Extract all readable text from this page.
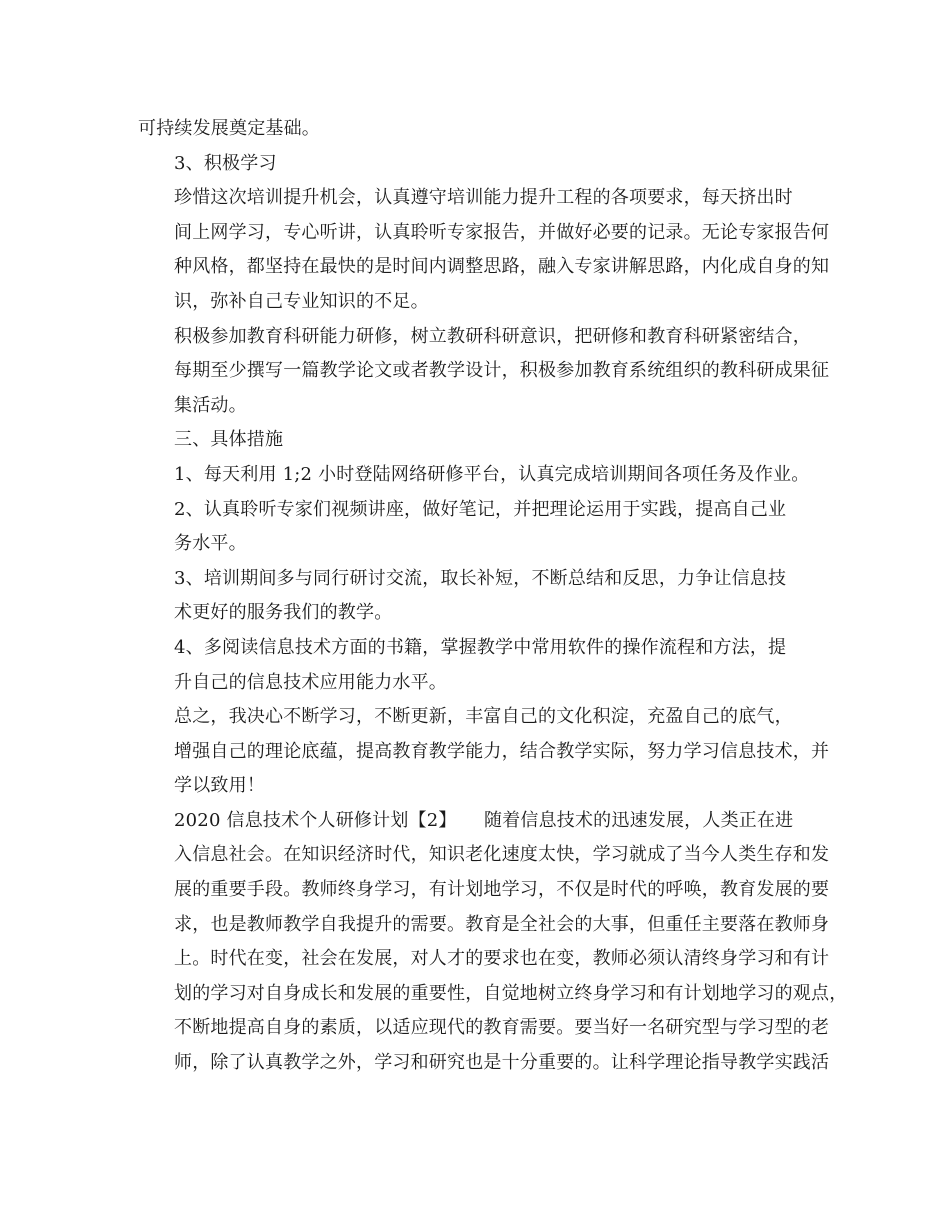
可持续发展奠定基础。

3、积极学习

珍惜这次培训提升机会，认真遵守培训能力提升工程的各项要求，每天挤出时
间上网学习，专心听讲，认真聆听专家报告，并做好必要的记录。无论专家报告何
种风格，都坚持在最快的是时间内调整思路，融入专家讲解思路，内化成自身的知
识，弥补自己专业知识的不足。

积极参加教育科研能力研修，树立教研科研意识，把研修和教育科研紧密结合，
每期至少撰写一篇教学论文或者教学设计，积极参加教育系统组织的教科研成果征
集活动。

三、具体措施

1、每天利用 1;2 小时登陆网络研修平台，认真完成培训期间各项任务及作业。

2、认真聆听专家们视频讲座，做好笔记，并把理论运用于实践，提高自己业
务水平。

3、培训期间多与同行研讨交流，取长补短，不断总结和反思，力争让信息技
术更好的服务我们的教学。

4、多阅读信息技术方面的书籍，掌握教学中常用软件的操作流程和方法，提
升自己的信息技术应用能力水平。

总之，我决心不断学习，不断更新，丰富自己的文化积淀，充盈自己的底气，
增强自己的理论底蕴，提高教育教学能力，结合教学实际，努力学习信息技术，并
学以致用！

2020 信息技术个人研修计划【2】　　随着信息技术的迅速发展，人类正在进
入信息社会。在知识经济时代，知识老化速度太快，学习就成了当今人类生存和发
展的重要手段。教师终身学习，有计划地学习，不仅是时代的呼唤，教育发展的要
求，也是教师教学自我提升的需要。教育是全社会的大事，但重任主要落在教师身
上。时代在变，社会在发展，对人才的要求也在变，教师必须认清终身学习和有计
划的学习对自身成长和发展的重要性，自觉地树立终身学习和有计划地学习的观点，
不断地提高自身的素质，以适应现代的教育需要。要当好一名研究型与学习型的老
师，除了认真教学之外，学习和研究也是十分重要的。让科学理论指导教学实践活
